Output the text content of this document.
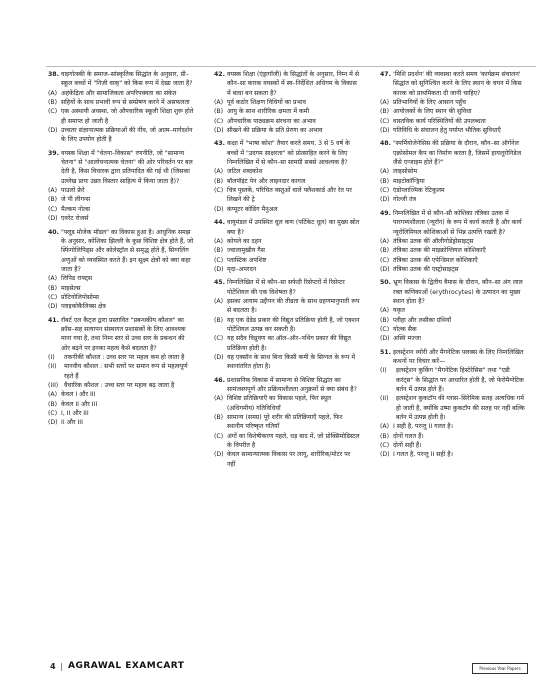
38. वाइगोत्स्की के समाज–सांस्कृतिक सिद्धांत के अनुसार, प्री–स्कूल बच्चों में "निजी वाक्" को किस रूप में देखा जाता है?
(A) अहंकेंद्रिता और सामाजिकता अपरिपक्वता का संकेत
(B) सहियों के साथ प्रभावी रूप से सम्प्रेषण करने में असफलता
(C) एक अस्थायी अवस्था, जो औपचारिक स्कूली शिक्षा शुरू होते ही समाप्त हो जाती है
(D) उच्चतर संज्ञानात्मक प्रक्रियाओं की नींव, जो आत्म–मार्गदर्शन के लिए उपयोग होती है
39. वयस्क शिक्षा में "चेतना–विकास" रणनीति, जो "सामान्य चेतना" से "आलोचनात्मक चेतना" की ओर परिवर्तन पर बल देती है, किस विचारक द्वारा प्रतिपादित की गई थी (जिसका उल्लेख प्रायः उन्नत विस्तार साहित्य में किया जाता है)?
(A) पाउलो फ्रेरे
(B) जे पी लीगन्स
(C) मैल्कम नोल्स
(D) एवरेट रोजर्स
40. "फ्लूड मोजेक मॉडल" का विकास हुआ है। आधुनिक समझ के अनुसार, कोशिका झिल्ली के कुछ विशिष्ट क्षेत्र होते हैं, जो स्फिंगोलिपिड्स और कोलेस्ट्रॉल से समृद्ध होते हैं, सिग्नलिंग अणुओं को व्यवस्थित करते हैं। इन सूक्ष्म क्षेत्रों को क्या कहा जाता है?
(A) लिपिड राफ्ट्स
(B) माइसेल्स
(C) प्रोटियोलिपोसोम्स
(D) ग्लाइकोकैलिक्स क्षेत्र
41. रॉबर्ट एल कैट्ज द्वारा प्रस्तावित "प्रबन्धकीय कौशल" का क्रॉस–सह सत्यापन संस्थागत प्रशासकों के लिए आवश्यक माना गया है, तथा निम्न स्तर से उच्च स्तर के प्रबन्धन की ओर बढ़ने पर इनका महत्व कैसे बदलता है?
(I)	तकनीकी कौशल : उच्च स्तर पर महत्व कम हो जाता है
(II)	मानवीय कौशल : सभी स्तरों पर समान रूप से महत्वपूर्ण रहते हैं
(III) वैचारिक कौशल : उच्च स्तर पर महत्व बढ़ जाता है
(A) केवल I और III
(B) केवल II और III
(C) I, II और III
(D) II और III
42. वयस्क शिक्षा (एंड्रागॉजी) के सिद्धांतों के अनुसार, निम्न में से कौन–सा कारक वयस्कों में स्व–निर्देशित अधिगम के विकास में बाधा बन सकता है?
(A) पूर्व कठोर शिक्षण विधियों का प्रभाव
(B) आयु के साथ शारीरिक क्षमता में कमी
(C) औपचारिक पाठ्यक्रम संरचना का अभाव
(D) सीखने की प्रक्रिया के प्रति प्रेरणा का अभाव
43. कक्षा में "भाषा कोश" तैयार करते समय, 3 से 5 वर्ष के बच्चों में "उदगम साक्षरता" को प्रोत्साहित करने के लिए निम्नलिखित में से कौन–सा सामग्री सबसे आवश्यक है?
(A) जटिल शब्दकोश
(B) बॉलपॉइंट पेन और लाइनदार कागज
(C) चित्र पुस्तकें, परिचित वस्तुओं वाले फ्लैशकार्ड और रेत पर लिखने की ट्रे
(D) कंप्यूटर कोडिंग मैनुअल
44. वायुमंडल में उपस्थित धूल कण (पर्टिकेट धूल) का मुख्य स्रोत क्या है?
(A) कोयले का दहन
(B) ज्वालामुखीय गैस
(C) प्लास्टिक अपशिष्ट
(D) मृदा–अपरदन
45. निम्नलिखित में से कौन–सा सफेदी रिसेप्टरों में रिसेप्टर पोटेंशियल की एक विशेषता है?
(A) इसका आयाम उद्दीपन की तीव्रता के साथ ग्रहणमानुपाती रूप से बदलता है।
(B) यह एक ग्रेडेड प्रकार की विद्युत प्रतिक्रिया होती है, जो एक्शन पोटेंशियल उत्पन्न कर सकती है।
(C) यह सदैव विध्रुवण का ऑल–ऑर–नथिंग प्रकार की विद्युत प्रतिक्रिया होती है।
(D) यह एक्सॉन के साथ बिना किसी कमी के सिग्नल के रूप में स्थानांतरित होता है।
46. प्रशासनिक विकास में सामान्य से विशिष्ट सिद्धांत का सामंजस्यपूर्ण और प्रक्रियाशीलता अनुक्रमों से क्या संबंध है?
(A) विशिष्ट प्रतिक्रियाएँ का विकास पहले, फिर स्थूल (अधिगमीय) गतिविधियाँ
(B) सामान्य (समग्र) पूरे शरीर की प्रतिक्रियाएँ पहले, फिर स्थानीय परिष्कृत गतियाँ
(C) अंगों का विशेषीकरण पहले, धड़ बाद में, जो प्रोक्सिमोडिस्टल के विपरीत है
(D) केवल सामान्यात्मक विकास पर लागू, शारीरिक/मोटर पर नहीं
47. 'मिशि प्रदर्शन' की व्यवस्था करते समय 'कार्यक्रम संचालन' सिद्धांत को सुनिश्चित करने के लिए स्थान के चयन में किस कारक को प्राथमिकता दी जानी चाहिए?
(A) प्रतिभागियों के लिए आसान पहुँच
(B) आयोजकों के लिए स्थान की सुविधा
(C) वास्तविक कार्य परिस्थितियों की उपलब्धता
(D) गतिविधि के संचालन हेतु पर्याप्त भौतिक सुविधाएँ
48. "स्पर्मियोजेनेसिस की प्रक्रिया के दौरान, कौन–सा ऑर्गनेल एक्रोसोमल कैप का निर्माण करता है, जिसमें हायलूरोनिडेज जैसे एन्जाइम होते हैं?"
(A) लाइसोसोम
(B) माइटोकॉन्ड्रिया
(C) एंडोप्लाज्मिक रेटिकुलम
(D) गोल्जी तंत्र
49. निम्नलिखित में से कौन–सी कोशिका तंत्रिका उतक में पारगम्यशीलता (न्यूरॉन) के रूप में कार्य करती है और कार्य न्यूरोलिमियल कोशिकाओं से भिन्न उत्पत्ति रखती है?
(A) तंत्रिका उतक की ऑलीगोडेंड्रोसाइट्स
(B) तंत्रिका उतक की माइक्रोग्लियल कोशिकाएँ
(C) तंत्रिका उतक की एपेन्डिमल कोशिकाएँ
(D) तंत्रिका उतक की एस्ट्रोसाइट्स
50. भ्रूण विकास के द्वितीय त्रैमास के दौरान, कौन–सा अंग लाल रक्त कणिकाओं (erythrocytes) के उत्पादन का मुख्य स्थान होता है?
(A) यकृत
(B) प्लीहा और लसीका ग्रंथियाँ
(C) योल्क सैक
(D) अस्थि मज्जा
51. इलस्ट्रेशन थ्योरी और मैगनेटिक फ़्लक्स के लिए निम्नलिखित कथनों पर विचार करें—
(I)	इलस्ट्रेशन कुकिंग "मैगनेटिक हिस्टेरेसिस" तथा "एडी करंट्स" के सिद्धांत पर आधारित होती है, जो फेरोमैग्नेटिक बर्तन में उत्पन्न होते हैं।
(II)	इलस्ट्रेशन कुकटॉप की ग्लास–सिरेमिक सतह अत्यधिक गर्म हो जाती है, क्योंकि उष्मा कुकटॉप की सतह पर नहीं बल्कि बर्तन में उत्पन्न होती है।
(A) I सही है, परन्तु II गलत है।
(B) दोनों गलत हैं।
(C) दोनों सही हैं।
(D) I गलत है, परन्तु II सही है।
4 | AGRAWAL EXAMCART	Previous Year Papers
